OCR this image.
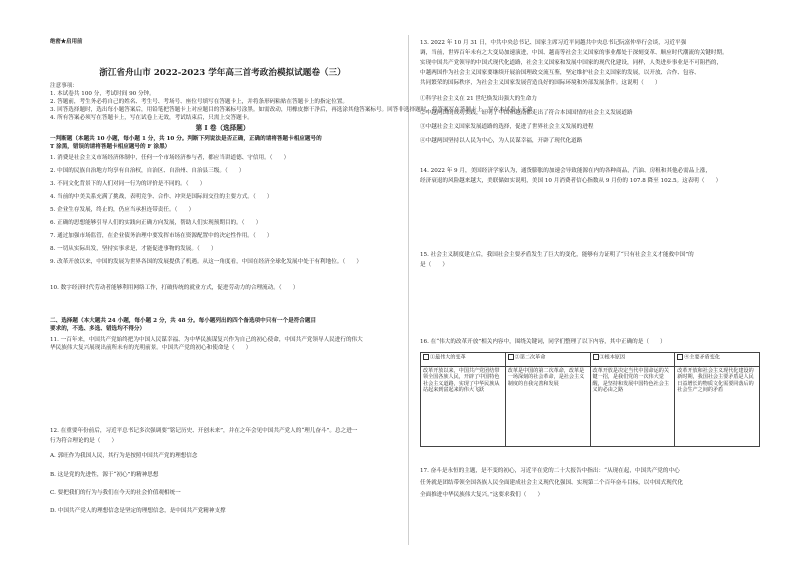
绝密★启用前
浙江省舟山市 2022-2023 学年高三首考政治模拟试题卷（三）
注意事项：
1. 本试卷共 100 分，考试时间 90 分钟。
2. 答题前，考生务必将自己的姓名、考生号、考场号、座位号填写在答题卡上，并将条形码粘贴在答题卡上的指定位置。
3. 回答选择题时，选出每小题答案后，用铅笔把答题卡上对应题目的答案标号涂黑。如需改动，用橡皮擦干净后，再选涂其他答案标号。回答非选择题时，将答案写在答题卡上，写在本试卷上无效。
4. 所有答案必须写在答题卡上，写在试卷上无效，考试结束后，只需上交答题卡。
第 I 卷（选择题）
一判断题（本题共 10 小题，每小题 1 分，共 10 分。判断下列说法是否正确，正确的请将答题卡相应题号的
T 涂黑，错误的请将答题卡相应题号的 F 涂黑）
1. 消费是社会主义市场经济体制中，任何一个市场经济参与者，都应当讲道德、守信用。（　　）
2. 中国的民族自治地方均享有自治权，自治区、自治州、自治县三级。（　　）
3. 不同文化背景下的人们对同一行为的评价是不同的。（　　）
4. 当前的中美关系充满了挑战，表明竞争、合作、冲突是国际间交往的主要方式。（　　）
5. 企业生存发展，终止的，仍应当承担连带责任。（　　）
6. 正确的思想能够引导人们的实践向正确方向发展，帮助人们实现预期目的。（　　）
7. 通过加强市场监管，在企业债务治理中要发挥市场在资源配置中的决定性作用。（　　）
8. 一切从实际出发，坚持实事求是，才能促进事物的发展。（　　）
9. 改革开放以来，中国的发展为世界各国的发展提供了机遇。从这一角度看，中国在经济全球化发展中处于有利地位。（　　）
10. 数字经济时代劳动者能够利用网络工作，打破传统的就业方式，促进劳动力的合理流动。（　　）
二、选择题（本大题共 24 小题，每小题 2 分，共 48 分。每小题列出的四个备选项中只有一个是符合题目
要求的，不选、多选、错选均不得分）
11. 一百年来，中国共产党始终把为中国人民谋幸福、为中华民族谋复兴作为自己的初心使命，中国共产党领导人民进行的伟大
华民族伟大复兴展现出前所未有的光明前景。中国共产党的初心和使命是（　　）
12. 在重要年份前后，习近平总书记多次强调要“铭记历史、开创未来”，并在之年会见中国共产党人的“理儿奋斗”。总之进一
行为符合理论的是（　　）
A. 郭旺作为我国人民，其行为是按照中国共产党的理想信念
B. 这是党的先进性，源于“初心”的精神思想
C. 要把我们的行为与我们在今天的社会价值观相统一
D. 中国共产党人的理想信念是坚定的理想信念，是中国共产党精神支撑
13. 2022 年 10 月 31 日，中共中央总书记、国家主席习近平同越共中央总书记阮富仲举行会谈，习近平强
调，当前，世界百年未有之大变局加速演进，中国、越南等社会主义国家的事业都处于深刻变革、顺应时代潮流的关键时期。
实现中国共产党领导的中国式现代化道路，社会主义国家和发展中国家的现代化建设，同样，人类进步事业是不可阻挡的，
中越两国作为社会主义国家要继续开展治国理政交流互鉴，坚定维护社会主义国家的发展，以开放、合作、包容、
共同繁荣的国际秩序，为社会主义国家发展营造良好的国际环境和外部发展条件。这说明（　　）
①科学社会主义在 21 世纪焕发出强大的生命力
②中越两国的成功实践，证明了中国和越南都走出了符合本国国情的社会主义发展道路
③中越社会主义国家发展道路的选择，促进了世界社会主义发展的进程
④中越两国坚持以人民为中心，为人民谋幸福，开辟了现代化道路
14. 2022 年 9 月，美国经济学家认为，通货膨胀的加速会导致能源在内的各种商品，汽油、房租和其他必需品上涨，
经济衰退的风险越来越大，美联储如实说明，美国 10 月消费者信心指数从 9 月份的 107.8 降至 102.5。这表明（　　）
15. 社会主义制度建立后，我国社会主要矛盾发生了巨大的变化，能够有力证明了“只有社会主义才能救中国”的
是（　　）
16. 在“伟大的改革开放”相关内容中，围绕关键词，同学们整理了以下内容，其中正确的是（　　）
①最伟大的变革	②第二次革命	③根本原因	④主要矛盾变化
改革开放以来，中国共产党团结带领全国各族人民，开辟了中国特色社会主义道路，实现了中华民族从站起来到富起来的伟大飞跃	改革是中国的第二次革命，改革是一场深刻的社会革命，是社会主义制度的自我完善和发展	改革开放是决定当代中国命运的关键一招，是我们党的一次伟大觉醒，是坚持和发展中国特色社会主义的必由之路	改革开放和社会主义现代化建设的新时期，我国社会主要矛盾是人民日益增长的物质文化需要同落后的社会生产之间的矛盾
17. 奋斗是永恒的主题，是不变的初心，习近平在党的二十大报告中指出：“从现在起，中国共产党的中心
任务就是团结带领全国各族人民全面建成社会主义现代化强国、实现第二个百年奋斗目标，以中国式现代化
全面推进中华民族伟大复兴。”这要求我们（　　）
